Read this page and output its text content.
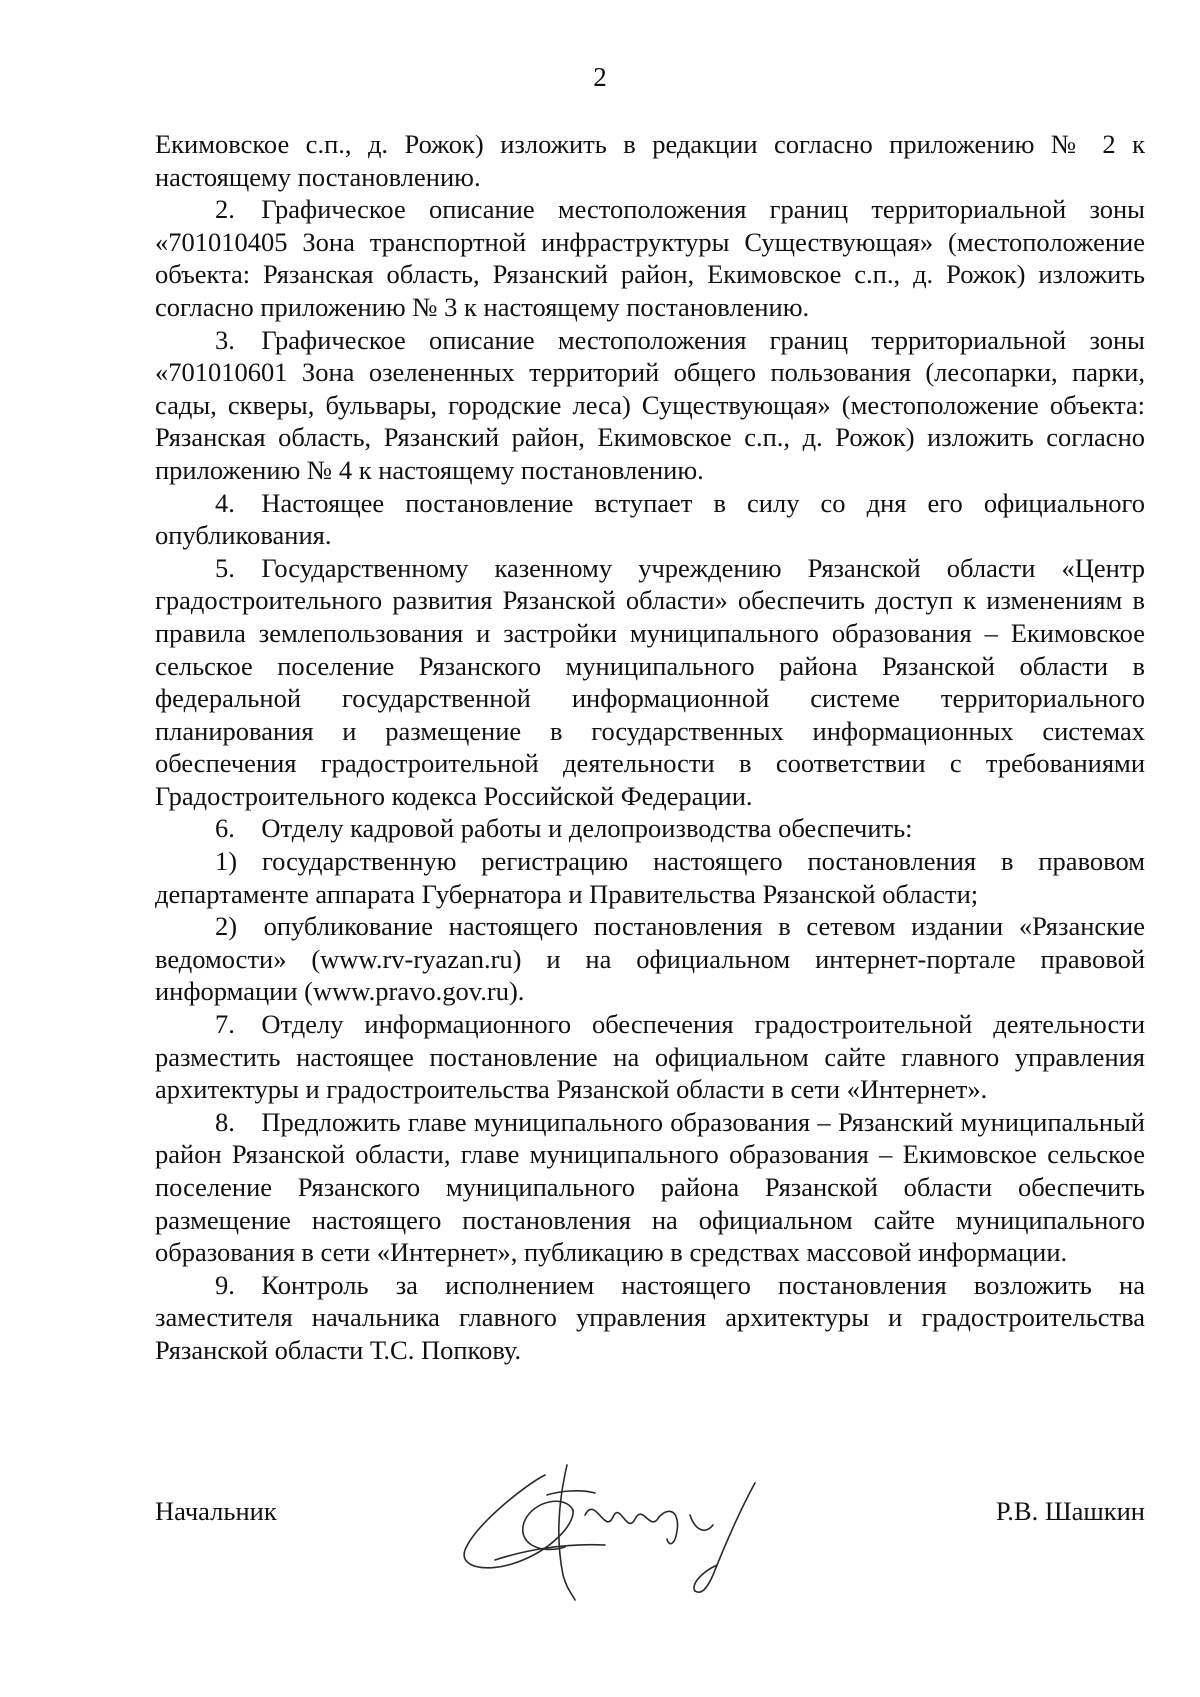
2

Екимовское с.п., д. Рожок) изложить в редакции согласно приложению № 2 к настоящему постановлению.

2. Графическое описание местоположения границ территориальной зоны «701010405 Зона транспортной инфраструктуры Существующая» (местоположение объекта: Рязанская область, Рязанский район, Екимовское с.п., д. Рожок) изложить согласно приложению № 3 к настоящему постановлению.

3. Графическое описание местоположения границ территориальной зоны «701010601 Зона озелененных территорий общего пользования (лесопарки, парки, сады, скверы, бульвары, городские леса) Существующая» (местоположение объекта: Рязанская область, Рязанский район, Екимовское с.п., д. Рожок) изложить согласно приложению № 4 к настоящему постановлению.

4. Настоящее постановление вступает в силу со дня его официального опубликования.

5. Государственному казенному учреждению Рязанской области «Центр градостроительного развития Рязанской области» обеспечить доступ к изменениям в правила землепользования и застройки муниципального образования – Екимовское сельское поселение Рязанского муниципального района Рязанской области в федеральной государственной информационной системе территориального планирования и размещение в государственных информационных системах обеспечения градостроительной деятельности в соответствии с требованиями Градостроительного кодекса Российской Федерации.

6. Отделу кадровой работы и делопроизводства обеспечить:

1) государственную регистрацию настоящего постановления в правовом департаменте аппарата Губернатора и Правительства Рязанской области;

2) опубликование настоящего постановления в сетевом издании «Рязанские ведомости» (www.rv-ryazan.ru) и на официальном интернет-портале правовой информации (www.pravo.gov.ru).

7. Отделу информационного обеспечения градостроительной деятельности разместить настоящее постановление на официальном сайте главного управления архитектуры и градостроительства Рязанской области в сети «Интернет».

8. Предложить главе муниципального образования – Рязанский муниципальный район Рязанской области, главе муниципального образования – Екимовское сельское поселение Рязанского муниципального района Рязанской области обеспечить размещение настоящего постановления на официальном сайте муниципального образования в сети «Интернет», публикацию в средствах массовой информации.

9. Контроль за исполнением настоящего постановления возложить на заместителя начальника главного управления архитектуры и градостроительства Рязанской области Т.С. Попкову.

Начальник	Р.В. Шашкин
